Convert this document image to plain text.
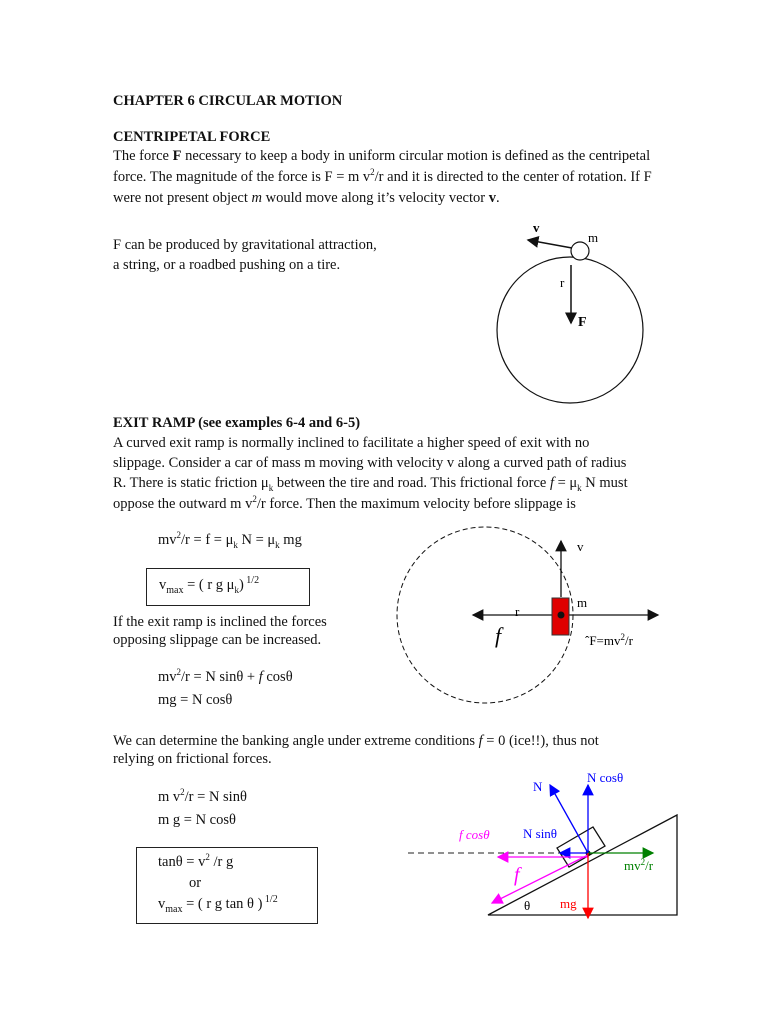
CHAPTER 6 CIRCULAR MOTION
CENTRIPETAL FORCE
The force F necessary to keep a body in uniform circular motion is defined as the centripetal force. The magnitude of the force is F = m $v^2/r$ and it is directed to the center of rotation. If F were not present object m would move along it’s velocity vector v.
F can be produced by gravitational attraction,
a string, or a roadbed pushing on a tire.
v
m
r
F
EXIT RAMP (see examples 6-4 and 6-5)
A curved exit ramp is normally inclined to facilitate a higher speed of exit with no
slippage. Consider a car of mass m moving with velocity v along a curved path of radius
R. There is static friction $\mu_k$ between the tire and road. This frictional force $f = \mu_k$ N must
oppose the outward m $v^2/r$ force. Then the maximum velocity before slippage is
$mv^2/r = f = \mu_k$ $N = \mu_k$ mg
$v_{max}$ = ( r g $\mu_k$) $^{1/2}$
If the exit ramp is inclined the forces
opposing slippage can be increased.
$mv^2/r = N$ sinθ + f cosθ
mg = N cosθ
v
m
r
f	$ˆF=mv^2/r$
We can determine the banking angle under extreme conditions f = 0 (ice!!), thus not
relying on frictional forces.
m $v^2/r = N$ sinθ
m g = N cosθ
$\tan\theta = v^2$ /r g
or
$v_{max}$ = ( r g tan θ ) $^{1/2}$
N
N cosθ
N sinθ
f cosθ
f	$mv^2/r$
mg
θ
